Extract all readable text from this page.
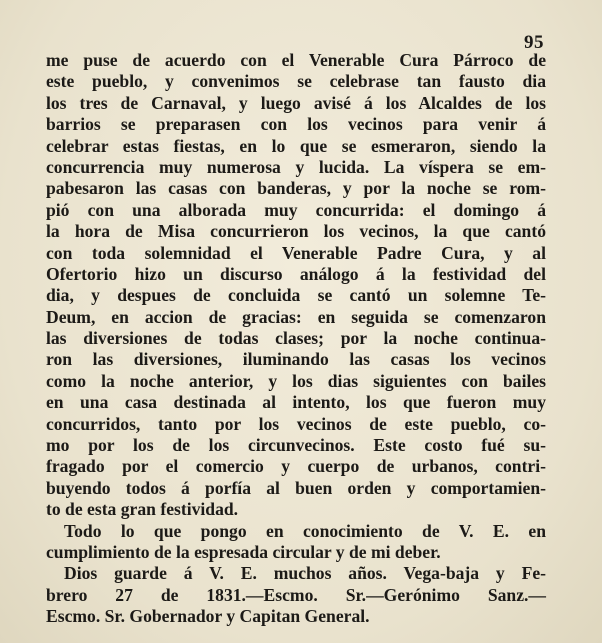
95
me puse de acuerdo con el Venerable Cura Párroco de
este pueblo, y convenimos se celebrase tan fausto dia
los tres de Carnaval, y luego avisé á los Alcaldes de los
barrios se preparasen con los vecinos para venir á
celebrar estas fiestas, en lo que se esmeraron, siendo la
concurrencia muy numerosa y lucida. La víspera se em-
pabesaron las casas con banderas, y por la noche se rom-
pió con una alborada muy concurrida: el domingo á
la hora de Misa concurrieron los vecinos, la que cantó
con toda solemnidad el Venerable Padre Cura, y al
Ofertorio hizo un discurso análogo á la festividad del
dia, y despues de concluida se cantó un solemne Te-
Deum, en accion de gracias: en seguida se comenzaron
las diversiones de todas clases; por la noche continua-
ron las diversiones, iluminando las casas los vecinos
como la noche anterior, y los dias siguientes con bailes
en una casa destinada al intento, los que fueron muy
concurridos, tanto por los vecinos de este pueblo, co-
mo por los de los circunvecinos. Este costo fué su-
fragado por el comercio y cuerpo de urbanos, contri-
buyendo todos á porfía al buen orden y comportamien-
to de esta gran festividad.
Todo lo que pongo en conocimiento de V. E. en
cumplimiento de la espresada circular y de mi deber.
Dios guarde á V. E. muchos años. Vega-baja y Fe-
brero 27 de 1831.—Escmo. Sr.—Gerónimo Sanz.—
Escmo. Sr. Gobernador y Capitan General.
